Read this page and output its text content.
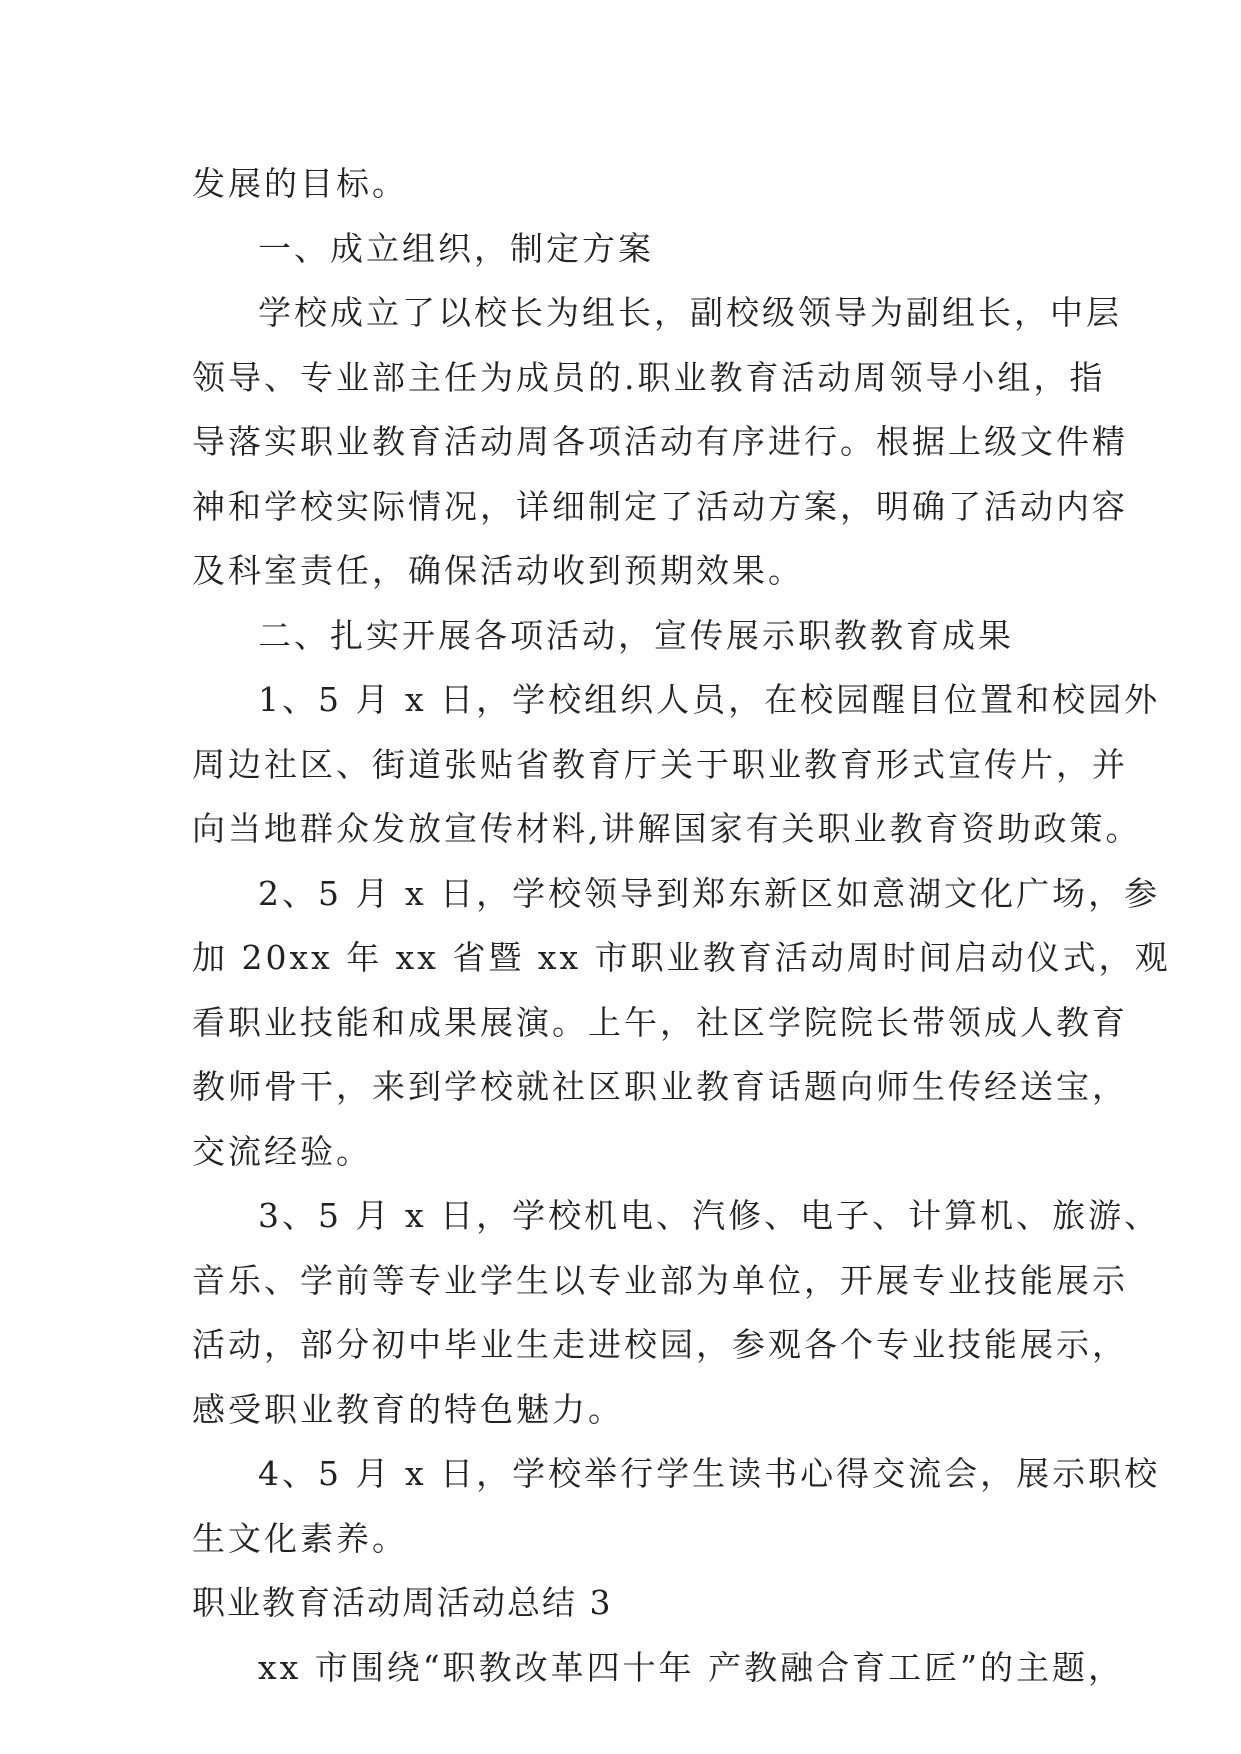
发展的目标。
一、成立组织，制定方案
学校成立了以校长为组长，副校级领导为副组长，中层
领导、专业部主任为成员的.职业教育活动周领导小组，指
导落实职业教育活动周各项活动有序进行。根据上级文件精
神和学校实际情况，详细制定了活动方案，明确了活动内容
及科室责任，确保活动收到预期效果。
二、扎实开展各项活动，宣传展示职教教育成果
1、5 月 x 日，学校组织人员，在校园醒目位置和校园外
周边社区、街道张贴省教育厅关于职业教育形式宣传片，并
向当地群众发放宣传材料,讲解国家有关职业教育资助政策。
2、5 月 x 日，学校领导到郑东新区如意湖文化广场，参
加 20xx 年 xx 省暨 xx 市职业教育活动周时间启动仪式，观
看职业技能和成果展演。上午，社区学院院长带领成人教育
教师骨干，来到学校就社区职业教育话题向师生传经送宝，
交流经验。
3、5 月 x 日，学校机电、汽修、电子、计算机、旅游、
音乐、学前等专业学生以专业部为单位，开展专业技能展示
活动，部分初中毕业生走进校园，参观各个专业技能展示，
感受职业教育的特色魅力。
4、5 月 x 日，学校举行学生读书心得交流会，展示职校
生文化素养。
职业教育活动周活动总结 3
xx 市围绕“职教改革四十年 产教融合育工匠”的主题，
